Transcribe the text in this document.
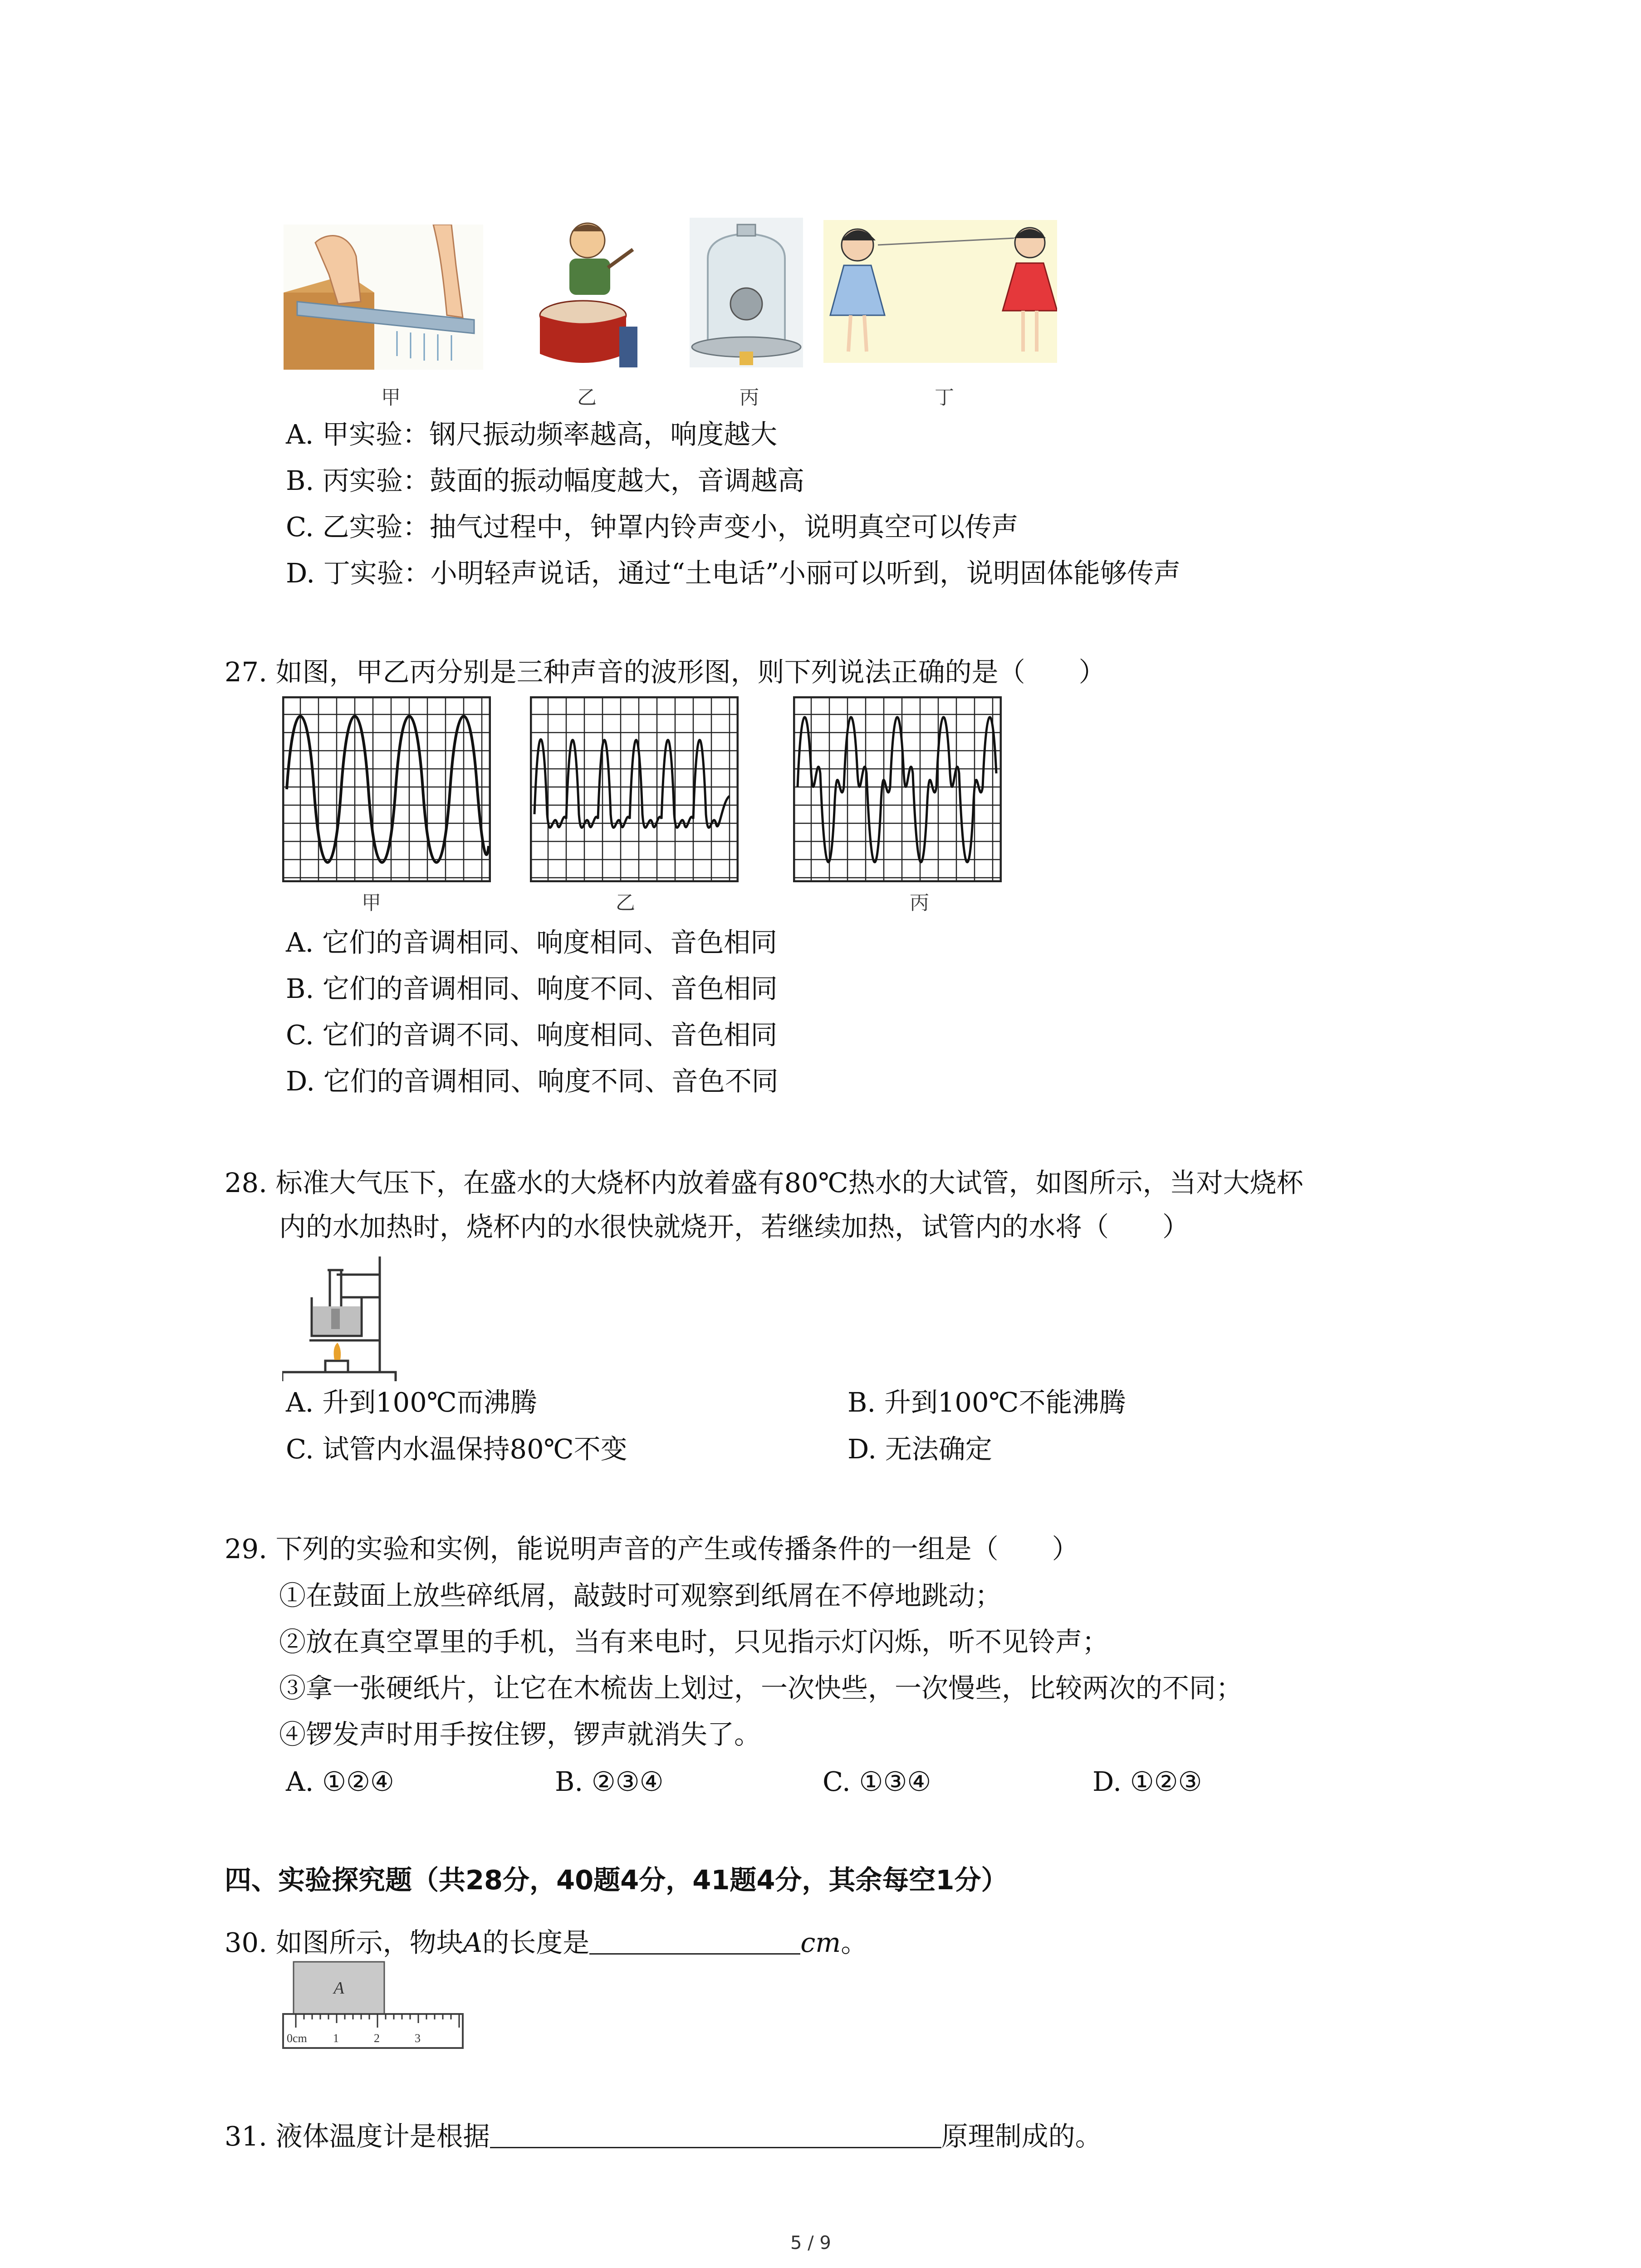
甲	乙	丙	丁
A. 甲实验：钢尺振动频率越高，响度越大
B. 丙实验：鼓面的振动幅度越大，音调越高
C. 乙实验：抽气过程中，钟罩内铃声变小，说明真空可以传声
D. 丁实验：小明轻声说话，通过“土电话”小丽可以听到，说明固体能够传声
27. 如图，甲乙丙分别是三种声音的波形图，则下列说法正确的是（　　）
甲	乙	丙
A. 它们的音调相同、响度相同、音色相同
B. 它们的音调相同、响度不同、音色相同
C. 它们的音调不同、响度相同、音色相同
D. 它们的音调相同、响度不同、音色不同
28. 标准大气压下，在盛水的大烧杯内放着盛有80℃热水的大试管，如图所示，当对大烧杯
内的水加热时，烧杯内的水很快就烧开，若继续加热，试管内的水将（　　）
A. 升到100℃而沸腾	B. 升到100℃不能沸腾
C. 试管内水温保持80℃不变	D. 无法确定
29. 下列的实验和实例，能说明声音的产生或传播条件的一组是（　　）
①在鼓面上放些碎纸屑，敲鼓时可观察到纸屑在不停地跳动；
②放在真空罩里的手机，当有来电时，只见指示灯闪烁，听不见铃声；
③拿一张硬纸片，让它在木梳齿上划过，一次快些，一次慢些，比较两次的不同；
④锣发声时用手按住锣，锣声就消失了。
A. ①②④	B. ②③④	C. ①③④	D. ①②③
四、实验探究题（共28分，40题4分，41题4分，其余每空1分）
30. 如图所示，物块A的长度是	cm。
A
0cm 1	2	3
31. 液体温度计是根据	原理制成的。
5 / 9
